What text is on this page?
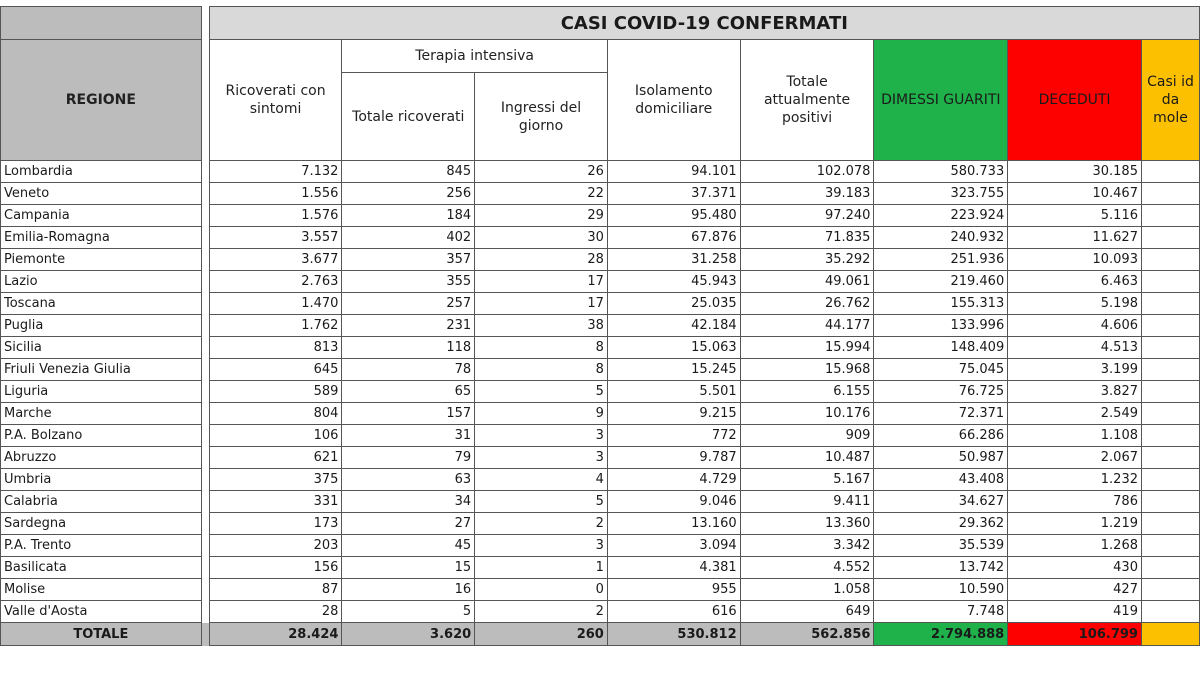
		CASI COVID-19 CONFERMATI							
REGIONE		Ricoverati con sintomi	Terapia intensiva		Isolamento domiciliare	Totale attualmente positivi	DIMESSI GUARITI	DECEDUTI	Casi id da mole
			Totale ricoverati	Ingressi del giorno					
Lombardia		7.132	845	26	94.101	102.078	580.733	30.185	
Veneto		1.556	256	22	37.371	39.183	323.755	10.467	
Campania		1.576	184	29	95.480	97.240	223.924	5.116	
Emilia-Romagna		3.557	402	30	67.876	71.835	240.932	11.627	
Piemonte		3.677	357	28	31.258	35.292	251.936	10.093	
Lazio		2.763	355	17	45.943	49.061	219.460	6.463	
Toscana		1.470	257	17	25.035	26.762	155.313	5.198	
Puglia		1.762	231	38	42.184	44.177	133.996	4.606	
Sicilia		813	118	8	15.063	15.994	148.409	4.513	
Friuli Venezia Giulia		645	78	8	15.245	15.968	75.045	3.199	
Liguria		589	65	5	5.501	6.155	76.725	3.827	
Marche		804	157	9	9.215	10.176	72.371	2.549	
P.A. Bolzano		106	31	3	772	909	66.286	1.108	
Abruzzo		621	79	3	9.787	10.487	50.987	2.067	
Umbria		375	63	4	4.729	5.167	43.408	1.232	
Calabria		331	34	5	9.046	9.411	34.627	786	
Sardegna		173	27	2	13.160	13.360	29.362	1.219	
P.A. Trento		203	45	3	3.094	3.342	35.539	1.268	
Basilicata		156	15	1	4.381	4.552	13.742	430	
Molise		87	16	0	955	1.058	10.590	427	
Valle d'Aosta		28	5	2	616	649	7.748	419	
TOTALE		28.424	3.620	260	530.812	562.856	2.794.888	106.799	
